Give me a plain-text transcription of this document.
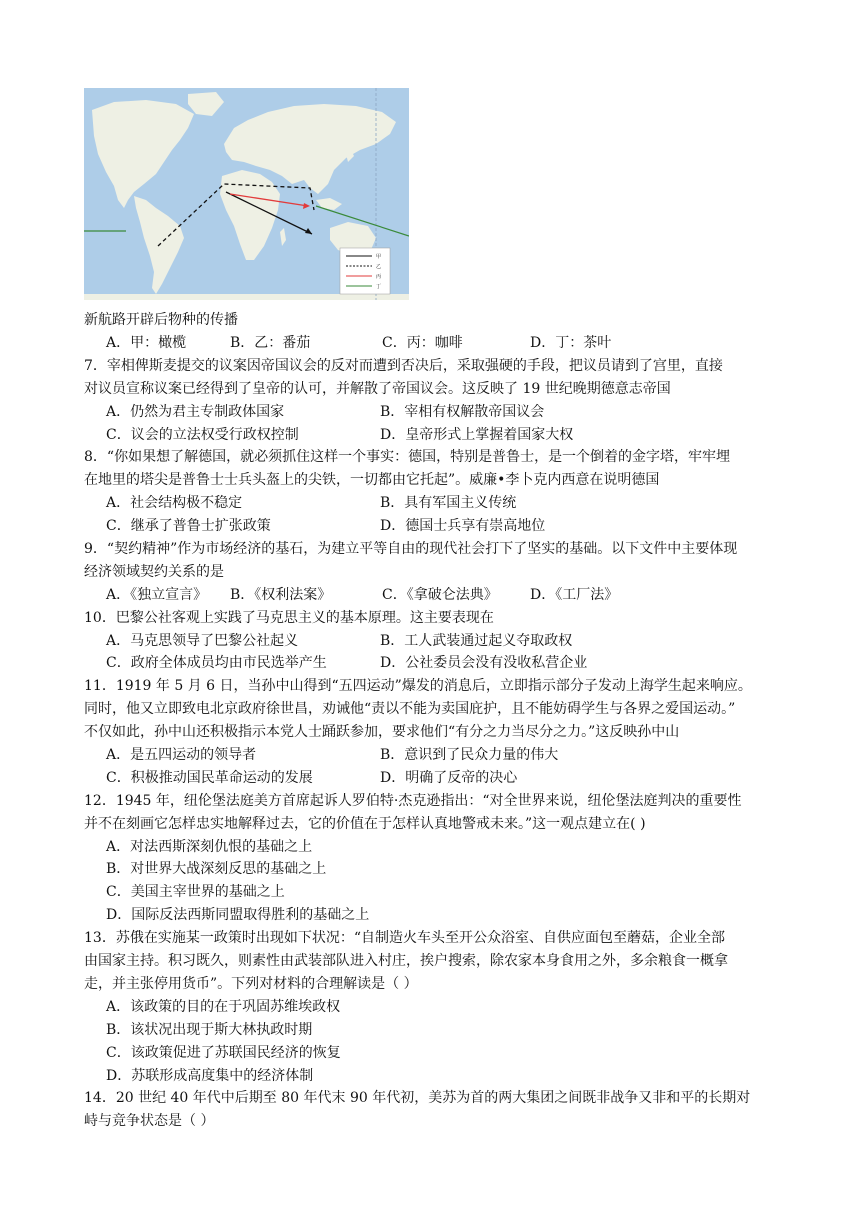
甲
乙
丙
丁
新航路开辟后物种的传播
A．甲：橄榄	B．乙：番茄	C．丙：咖啡	D．丁：茶叶
7．宰相俾斯麦提交的议案因帝国议会的反对而遭到否决后，采取强硬的手段，把议员请到了宫里，直接
对议员宣称议案已经得到了皇帝的认可，并解散了帝国议会。这反映了 19 世纪晚期德意志帝国
A．仍然为君主专制政体国家	B．宰相有权解散帝国议会
C．议会的立法权受行政权控制	D．皇帝形式上掌握着国家大权
8．“你如果想了解德国，就必须抓住这样一个事实：德国，特别是普鲁士，是一个倒着的金字塔，牢牢埋
在地里的塔尖是普鲁士士兵头盔上的尖铁，一切都由它托起”。威廉•李卜克内西意在说明德国
A．社会结构极不稳定	B．具有军国主义传统
C．继承了普鲁士扩张政策	D．德国士兵享有崇高地位
9．“契约精神”作为市场经济的基石，为建立平等自由的现代社会打下了坚实的基础。以下文件中主要体现
经济领域契约关系的是
A．《独立宣言》	B．《权利法案》	C．《拿破仑法典》	D．《工厂法》
10．巴黎公社客观上实践了马克思主义的基本原理。这主要表现在
A．马克思领导了巴黎公社起义	B．工人武装通过起义夺取政权
C．政府全体成员均由市民选举产生	D．公社委员会没有没收私营企业
11．1919 年 5 月 6 日，当孙中山得到“五四运动”爆发的消息后，立即指示部分子发动上海学生起来响应。
同时，他又立即致电北京政府徐世昌，劝诫他“责以不能为卖国庇护，且不能妨碍学生与各界之爱国运动。”
不仅如此，孙中山还积极指示本党人士踊跃参加，要求他们“有分之力当尽分之力。”这反映孙中山
A．是五四运动的领导者	B．意识到了民众力量的伟大
C．积极推动国民革命运动的发展	D．明确了反帝的决心
12．1945 年，纽伦堡法庭美方首席起诉人罗伯特·杰克逊指出：“对全世界来说，纽伦堡法庭判决的重要性
并不在刻画它怎样忠实地解释过去，它的价值在于怎样认真地警戒未来。”这一观点建立在( )
A．对法西斯深刻仇恨的基础之上
B．对世界大战深刻反思的基础之上
C．美国主宰世界的基础之上
D．国际反法西斯同盟取得胜利的基础之上
13．苏俄在实施某一政策时出现如下状况：“自制造火车头至开公众浴室、自供应面包至蘑菇，企业全部
由国家主持。积习既久，则素性由武装部队进入村庄，挨户搜索，除农家本身食用之外，多余粮食一概拿
走，并主张停用货币”。下列对材料的合理解读是（ ）
A．该政策的目的在于巩固苏维埃政权
B．该状况出现于斯大林执政时期
C．该政策促进了苏联国民经济的恢复
D．苏联形成高度集中的经济体制
14．20 世纪 40 年代中后期至 80 年代末 90 年代初，美苏为首的两大集团之间既非战争又非和平的长期对
峙与竞争状态是（ ）
